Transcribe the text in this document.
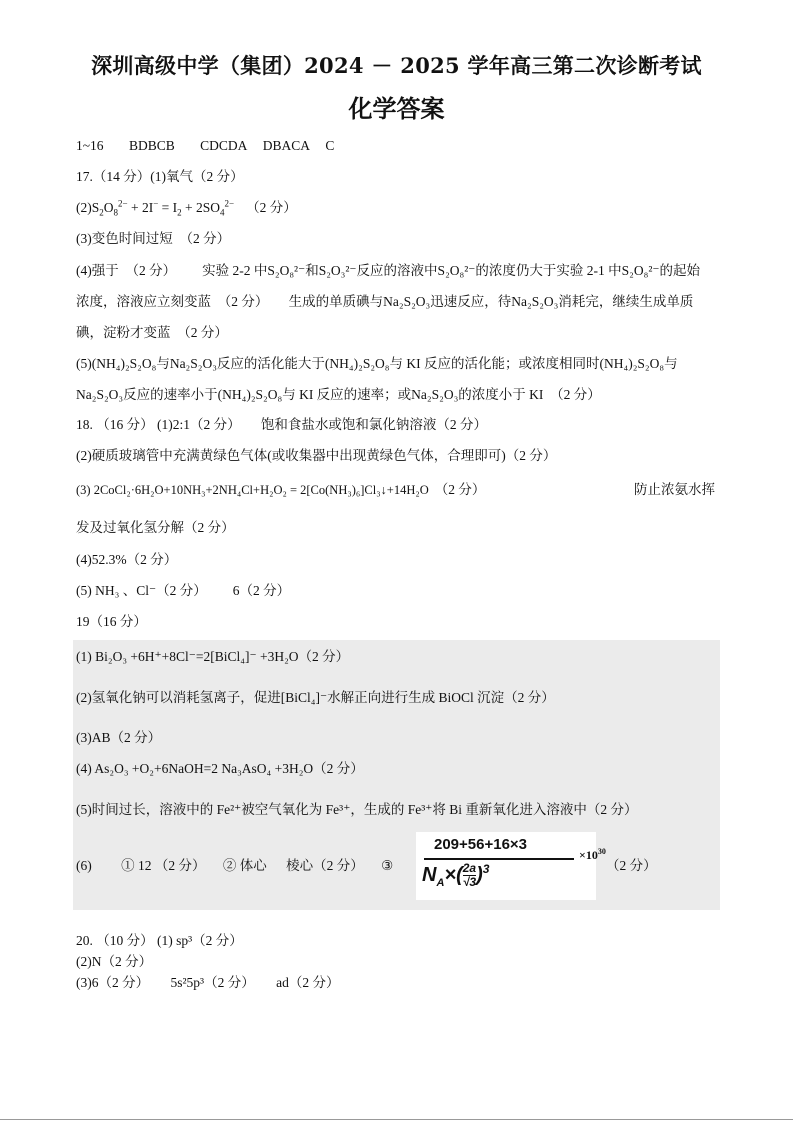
深圳高级中学（集团）2024 － 2025 学年高三第二次诊断考试
化学答案
1~16 BDBCB CDCDA DBACA C
17.（14 分）(1)氧气（2 分）
$(2)S_2O_8^{2-} + 2I^- = I_2 + 2SO_4^{2-}$ （2 分）
(3)变色时间过短　（2 分）
(4)强于　（2 分） 实验 2-2 中S₂O₈²⁻和S₂O₃²⁻反应的溶液中S₂O₈²⁻的浓度仍大于实验 2-1 中S₂O₈²⁻的起始
浓度，溶液应立刻变蓝　（2 分）　　生成的单质碘与Na₂S₂O₃迅速反应，待Na₂S₂O₃消耗完，继续生成单质
碘，淀粉才变蓝　（2 分）
(5)(NH₄)₂S₂O₈与Na₂S₂O₃反应的活化能大于(NH₄)₂S₂O₈与 KI 反应的活化能；或浓度相同时(NH₄)₂S₂O₈与
Na₂S₂O₃反应的速率小于(NH₄)₂S₂O₈与 KI 反应的速率；或Na₂S₂O₃的浓度小于 KI　（2 分）
18. （16 分） (1)2:1（2 分）　　饱和食盐水或饱和氯化钠溶液（2 分）
(2)硬质玻璃管中充满黄绿色气体(或收集器中出现黄绿色气体，合理即可)（2 分）
(3) 2CoCl₂·6H₂O+10NH₃+2NH₄Cl+H₂O₂ = 2[Co(NH₃)₆]Cl₃↓+14H₂O （2 分）	防止浓氨水挥
发及过氧化氢分解（2 分）
(4)52.3%（2 分）
(5) NH₃ 、Cl⁻（2 分） 6（2 分）
19（16 分）
(1) Bi₂O₃ +6H⁺+8Cl⁻=2[BiCl₄]⁻ +3H₂O（2 分）
(2)氢氧化钠可以消耗氢离子，促进[BiCl₄]⁻水解正向进行生成 BiOCl 沉淀（2 分）
(3)AB（2 分）
(4) As₂O₃ +O₂+6NaOH=2 Na₃AsO₄ +3H₂O（2 分）
(5)时间过长，溶液中的 Fe²⁺被空气氧化为 Fe³⁺，生成的 Fe³⁺将 Bi 重新氧化进入溶液中（2 分）
(6) ① 12 （2 分） ② 体心 棱心（2 分） ③
209+56+16×3
$N_A\times( \frac{2a}{√3} )^3$
$\times 10^{30}$
（2 分）
20. （10 分） (1) sp³（2 分）
(2)N（2 分）
(3)6（2 分） 5s²5p³（2 分） ad（2 分）
